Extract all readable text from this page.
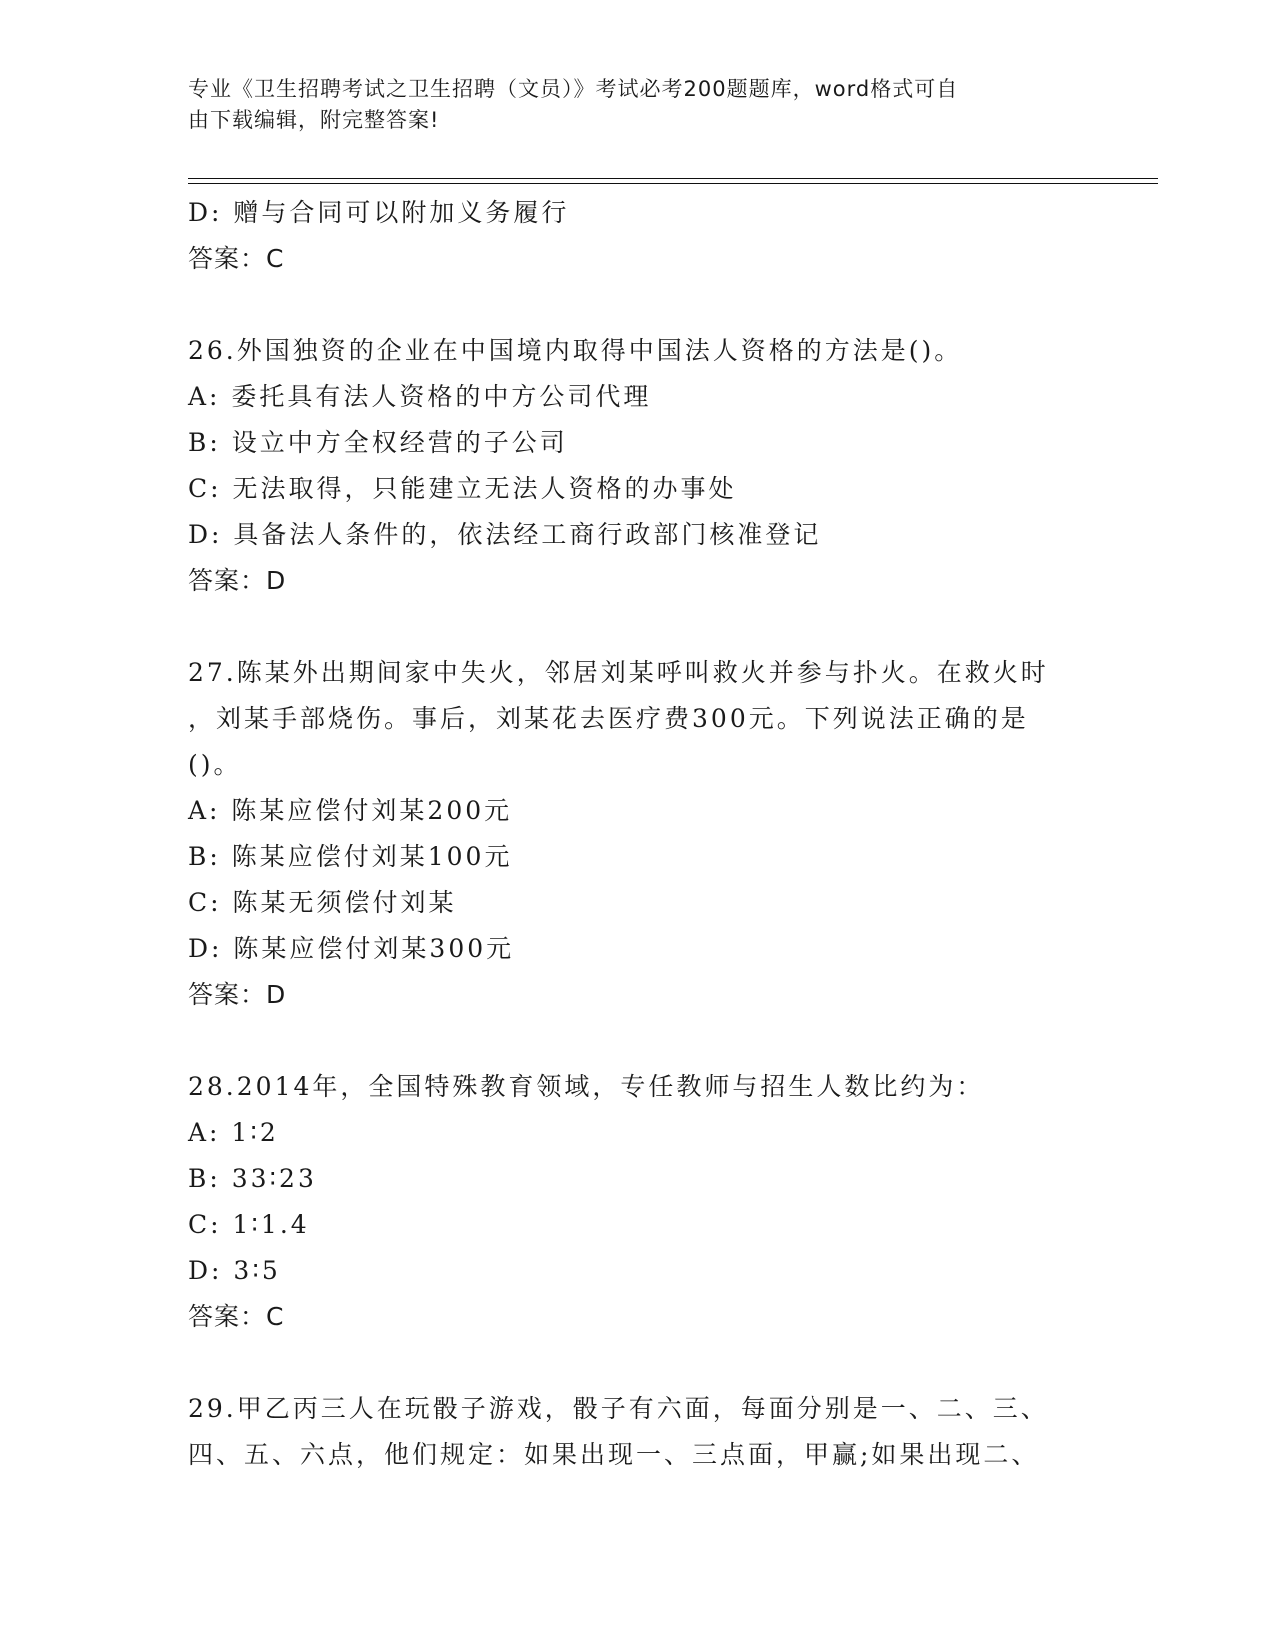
专业《卫生招聘考试之卫生招聘（文员）》考试必考200题题库，word格式可自
由下载编辑，附完整答案!
D: 赠与合同可以附加义务履行
答案：C
26.外国独资的企业在中国境内取得中国法人资格的方法是()。
A: 委托具有法人资格的中方公司代理
B: 设立中方全权经营的子公司
C: 无法取得，只能建立无法人资格的办事处
D: 具备法人条件的，依法经工商行政部门核准登记
答案：D
27.陈某外出期间家中失火，邻居刘某呼叫救火并参与扑火。在救火时
，刘某手部烧伤。事后，刘某花去医疗费300元。下列说法正确的是
()。
A: 陈某应偿付刘某200元
B: 陈某应偿付刘某100元
C: 陈某无须偿付刘某
D: 陈某应偿付刘某300元
答案：D
28.2014年，全国特殊教育领域，专任教师与招生人数比约为：
A: 1∶2
B: 33∶23
C: 1∶1.4
D: 3∶5
答案：C
29.甲乙丙三人在玩骰子游戏，骰子有六面，每面分别是一、二、三、
四、五、六点，他们规定：如果出现一、三点面，甲赢;如果出现二、
